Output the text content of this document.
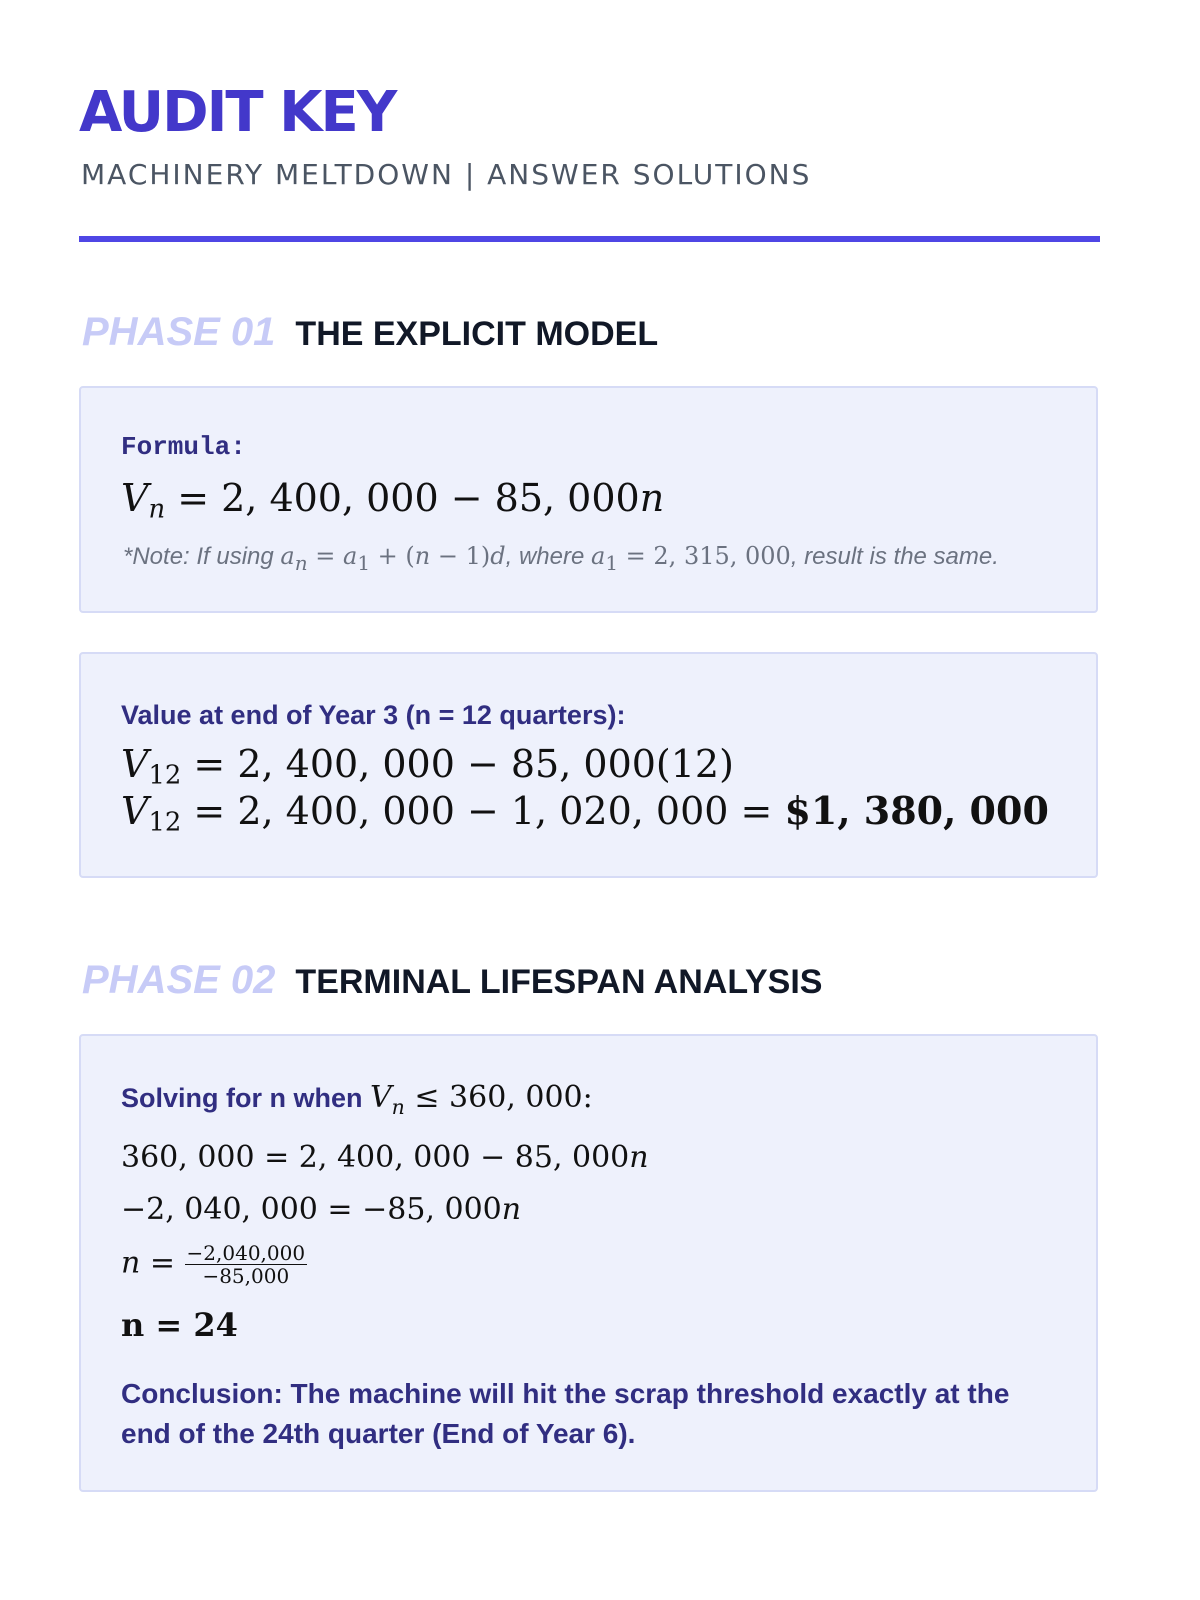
AUDIT KEY
MACHINERY MELTDOWN | ANSWER SOLUTIONS
PHASE 01 THE EXPLICIT MODEL
Formula:
$V_n = 2$, 400, 000 − 85, 000n
*Note: If using $a_n = a_1 + (n - 1)d$, where $a_1 = 2$, 315, 000, result is the same.
Value at end of Year 3 (n = 12 quarters):
$V_{12} = 2$, 400, 000 − 85, 000(12)
$V_{12} = 2$, 400, 000 − 1, 020, 000 = $1, 380, 000
PHASE 02 TERMINAL LIFESPAN ANALYSIS
Solving for n when $V_n \le 360$, 000:
360, 000 = 2, 400, 000 − 85, 000n
−2, 040, 000 = −85, 000n
$n = \frac{-2,040,000}{-85,000}$
n = 24
Conclusion: The machine will hit the scrap threshold exactly at the end of the 24th quarter (End of Year 6).
